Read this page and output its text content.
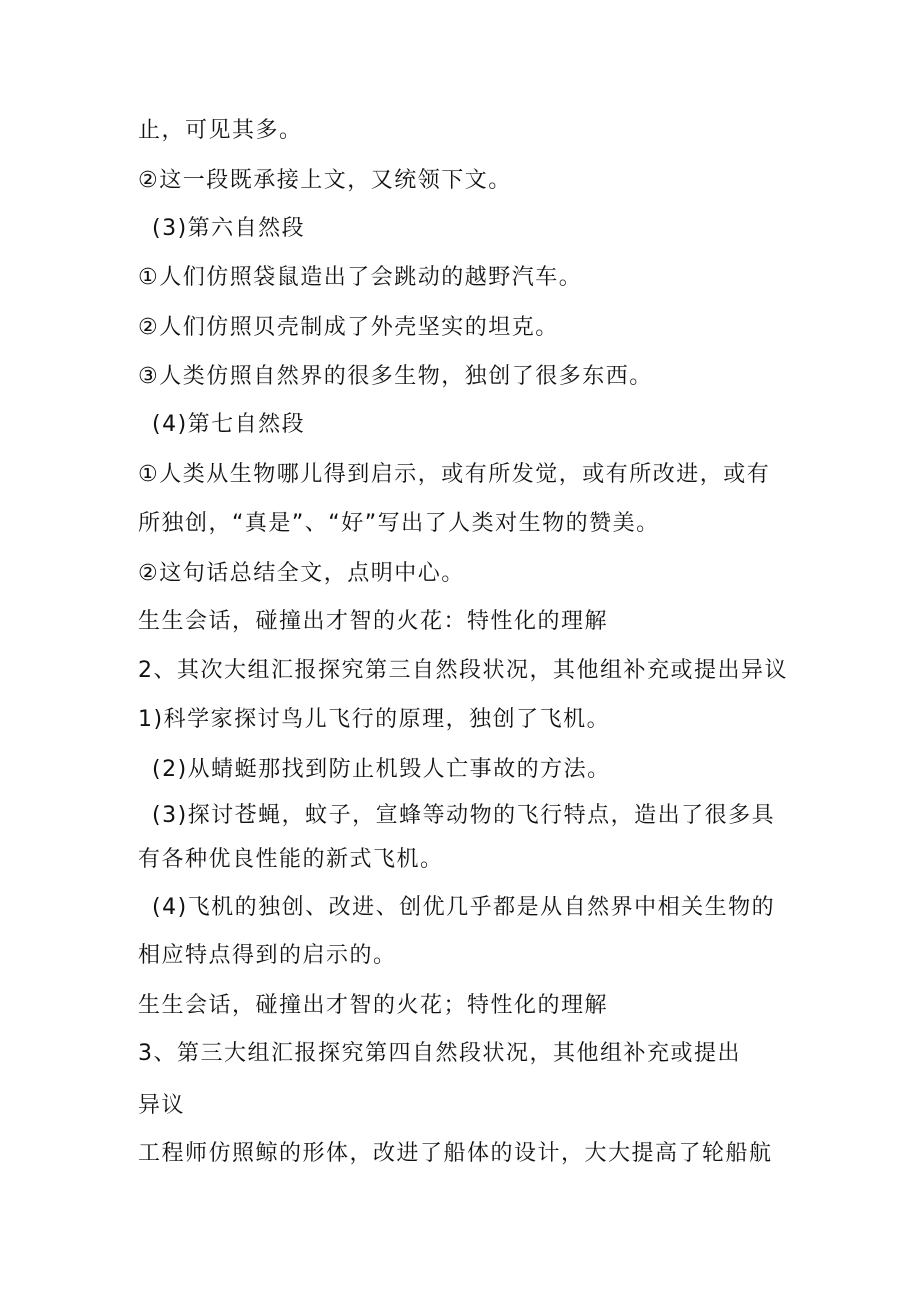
止，可见其多。
②这一段既承接上文，又统领下文。
(3)第六自然段
①人们仿照袋鼠造出了会跳动的越野汽车。
②人们仿照贝壳制成了外壳坚实的坦克。
③人类仿照自然界的很多生物，独创了很多东西。
(4)第七自然段
①人类从生物哪儿得到启示，或有所发觉，或有所改进，或有
所独创，“真是”、“好”写出了人类对生物的赞美。
②这句话总结全文，点明中心。
生生会话，碰撞出才智的火花：特性化的理解
2、其次大组汇报探究第三自然段状况，其他组补充或提出异议
1)科学家探讨鸟儿飞行的原理，独创了飞机。
(2)从蜻蜓那找到防止机毁人亡事故的方法。
(3)探讨苍蝇，蚊子，宣蜂等动物的飞行特点，造出了很多具
有各种优良性能的新式飞机。
(4)飞机的独创、改进、创优几乎都是从自然界中相关生物的
相应特点得到的启示的。
生生会话，碰撞出才智的火花；特性化的理解
3、第三大组汇报探究第四自然段状况，其他组补充或提出
异议
工程师仿照鲸的形体，改进了船体的设计，大大提高了轮船航
